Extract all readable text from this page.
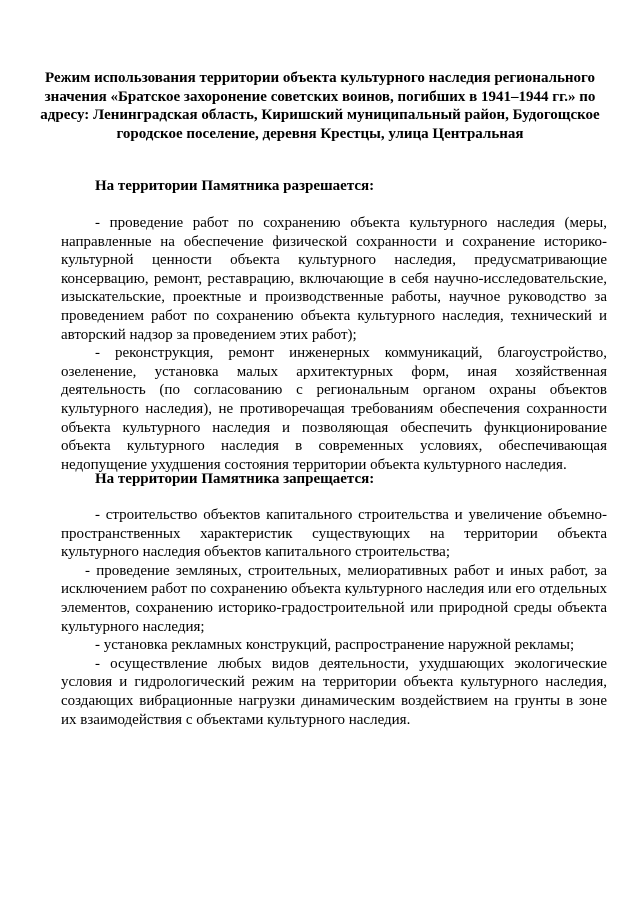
Режим использования территории объекта культурного наследия регионального значения «Братское захоронение советских воинов, погибших в 1941–1944 гг.» по адресу: Ленинградская область, Киришский муниципальный район, Будогощское городское поселение, деревня Крестцы, улица Центральная
На территории Памятника разрешается:

- проведение работ по сохранению объекта культурного наследия (меры, направленные на обеспечение физической сохранности и сохранение историко-культурной ценности объекта культурного наследия, предусматривающие консервацию, ремонт, реставрацию, включающие в себя научно-исследовательские, изыскательские, проектные и производственные работы, научное руководство за проведением работ по сохранению объекта культурного наследия, технический и авторский надзор за проведением этих работ);

- реконструкция, ремонт инженерных коммуникаций, благоустройство, озеленение, установка малых архитектурных форм, иная хозяйственная деятельность (по согласованию с региональным органом охраны объектов культурного наследия), не противоречащая требованиям обеспечения сохранности объекта культурного наследия и позволяющая обеспечить функционирование объекта культурного наследия в современных условиях, обеспечивающая недопущение ухудшения состояния территории объекта культурного наследия.

На территории Памятника запрещается:

- строительство объектов капитального строительства и увеличение объемно-пространственных характеристик существующих на территории объекта культурного наследия объектов капитального строительства;

- проведение земляных, строительных, мелиоративных работ и иных работ, за исключением работ по сохранению объекта культурного наследия или его отдельных элементов, сохранению историко-градостроительной или природной среды объекта культурного наследия;

- установка рекламных конструкций, распространение наружной рекламы;

- осуществление любых видов деятельности, ухудшающих экологические условия и гидрологический режим на территории объекта культурного наследия, создающих вибрационные нагрузки динамическим воздействием на грунты в зоне их взаимодействия с объектами культурного наследия.
